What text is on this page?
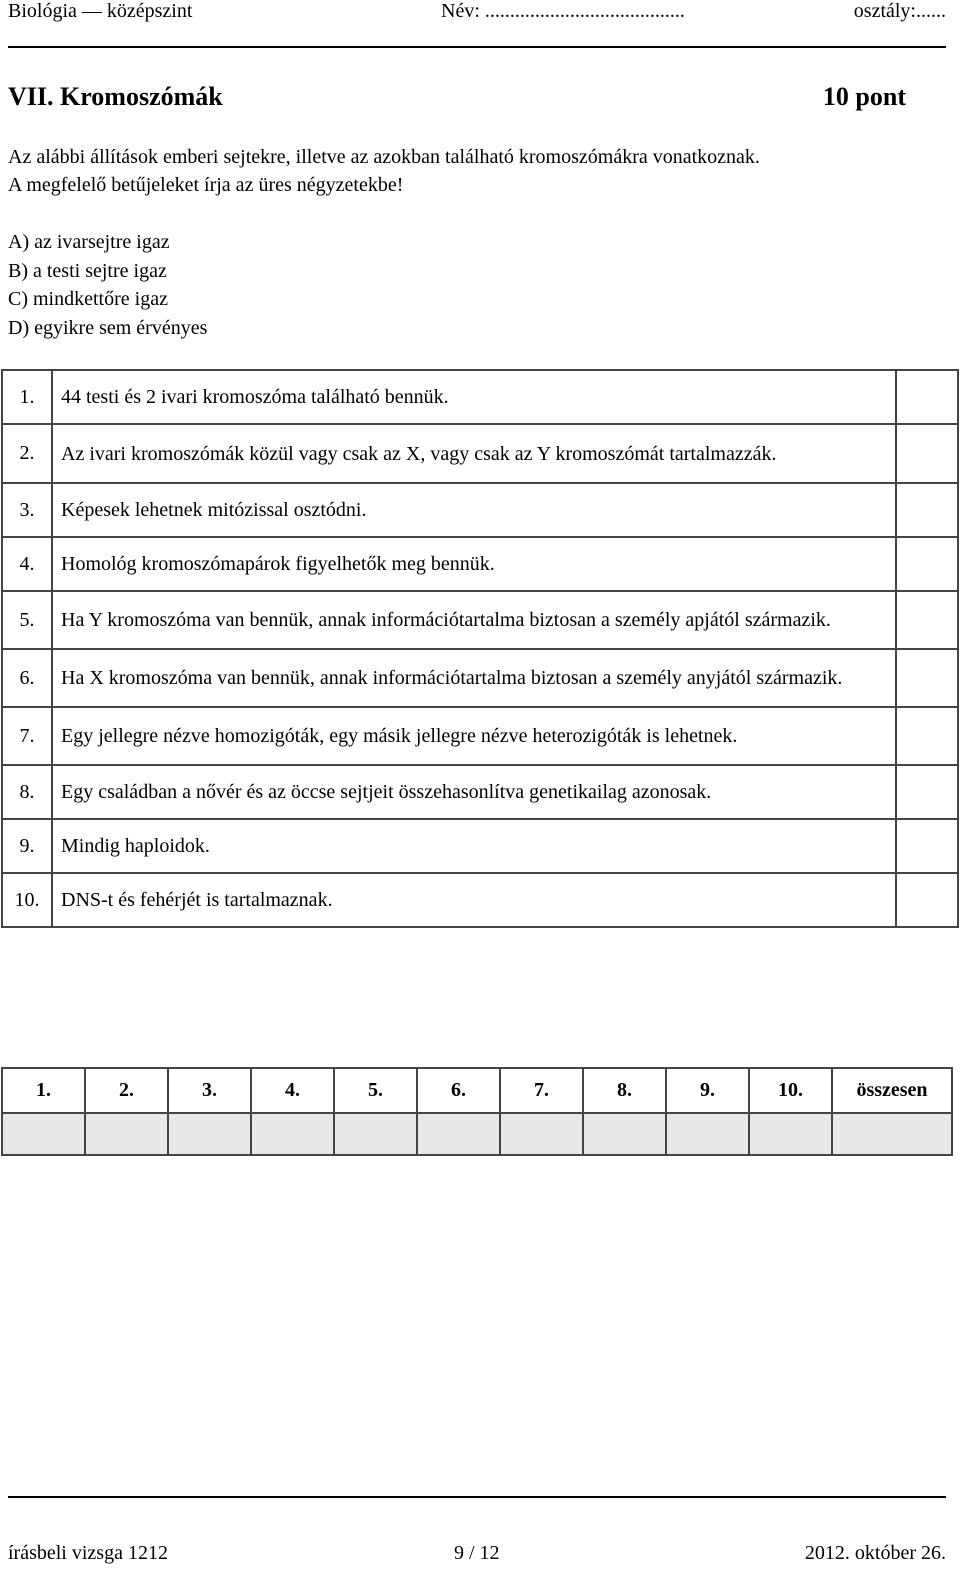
Biológia — középszint	Név: ........................................	osztály:......
VII. Kromoszómák	10 pont
Az alábbi állítások emberi sejtekre, illetve az azokban található kromoszómákra vonatkoznak.
A megfelelő betűjeleket írja az üres négyzetekbe!
A) az ivarsejtre igaz
B) a testi sejtre igaz
C) mindkettőre igaz
D) egyikre sem érvényes
1.	44 testi és 2 ivari kromoszóma található bennük.	
2.	Az ivari kromoszómák közül vagy csak az X, vagy csak az Y kromoszómát tartalmazzák.	
3.	Képesek lehetnek mitózissal osztódni.	
4.	Homológ kromoszómapárok figyelhetők meg bennük.	
5.	Ha Y kromoszóma van bennük, annak információtartalma biztosan a személy apjától származik.	
6.	Ha X kromoszóma van bennük, annak információtartalma biztosan a személy anyjától származik.	
7.	Egy jellegre nézve homozigóták, egy másik jellegre nézve heterozigóták is lehetnek.	
8.	Egy családban a nővér és az öccse sejtjeit összehasonlítva genetikailag azonosak.	
9.	Mindig haploidok.	
10.	DNS-t és fehérjét is tartalmaznak.	
1.	2.	3.	4.	5.	6.	7.	8.	9.	10.	összesen

írásbeli vizsga 1212	9 / 12	2012. október 26.
